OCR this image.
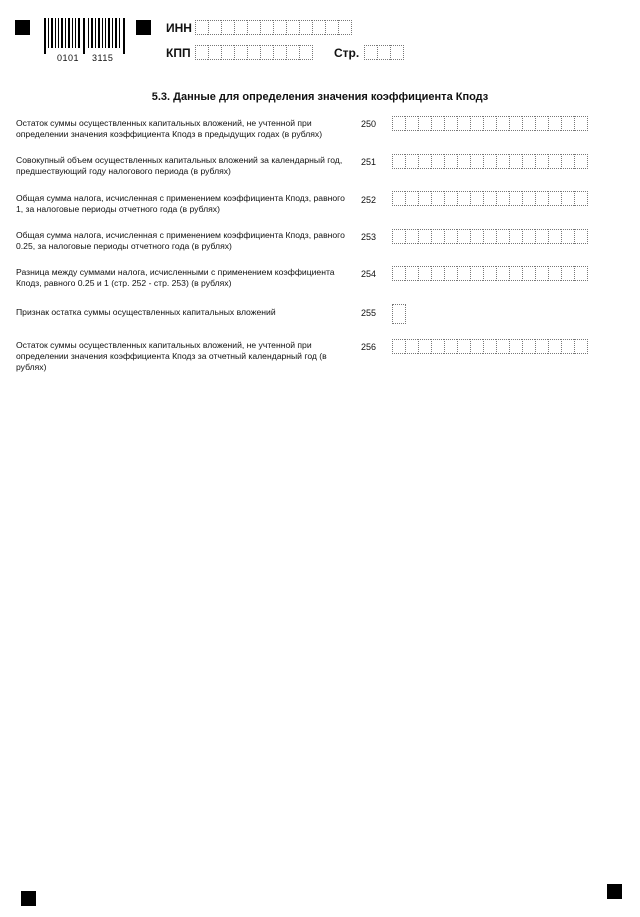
0101 3115
ИНН
КПП	Стр.
5.3. Данные для определения значения коэффициента Кподз
Остаток суммы осуществленных капитальных вложений, не учтенной при определении значения коэффициента Кподз в предыдущих годах (в рублях)
250
Совокупный объем осуществленных капитальных вложений за календарный год, предшествующий году налогового периода (в рублях)
251
Общая сумма налога, исчисленная с применением коэффициента Кподз, равного 1, за налоговые периоды отчетного года (в рублях)
252
Общая сумма налога, исчисленная с применением коэффициента Кподз, равного 0.25, за налоговые периоды отчетного года (в рублях)
253
Разница между суммами налога, исчисленными с применением коэффициента Кподз, равного 0.25 и 1 (стр. 252 - стр. 253) (в рублях)
254
Признак остатка суммы осуществленных капитальных вложений	255
Остаток суммы осуществленных капитальных вложений, не учтенной при определении значения коэффициента Кподз за отчетный календарный год (в рублях)
256
